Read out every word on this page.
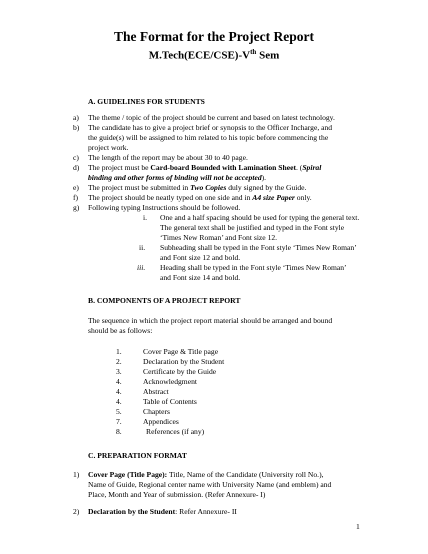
The Format for the Project Report
M.Tech(ECE/CSE)-Vth Sem
A. GUIDELINES FOR STUDENTS
a) The theme / topic of the project should be current and based on latest technology.
b) The candidate has to give a project brief or synopsis to the Officer Incharge, and
the guide(s) will be assigned to him related to his topic before commencing the
project work.
c) The length of the report may be about 30 to 40 page.
d) The project must be Card-board Bounded with Lamination Sheet. (Spiral
binding and other forms of binding will not be accepted).
e) The project must be submitted in Two Copies duly signed by the Guide.
f) The project should be neatly typed on one side and in A4 size Paper only.
g) Following typing Instructions should be followed.
i. One and a half spacing should be used for typing the general text.
The general text shall be justified and typed in the Font style
‘Times New Roman’ and Font size 12.
ii. Subheading shall be typed in the Font style ‘Times New Roman’
and Font size 12 and bold.
iii. Heading shall be typed in the Font style ‘Times New Roman’
and Font size 14 and bold.
B. COMPONENTS OF A PROJECT REPORT
The sequence in which the project report material should be arranged and bound
should be as follows:
1.	Cover Page & Title page
2.	Declaration by the Student
3.	Certificate by the Guide
4.	Acknowledgment
4.	Abstract
4.	Table of Contents
5.	Chapters
7.	Appendices
8.	References (if any)
C. PREPARATION FORMAT
1) Cover Page (Title Page): Title, Name of the Candidate (University roll No.),
Name of Guide, Regional center name with University Name (and emblem) and
Place, Month and Year of submission. (Refer Annexure- I)
2) Declaration by the Student: Refer Annexure- II
1
